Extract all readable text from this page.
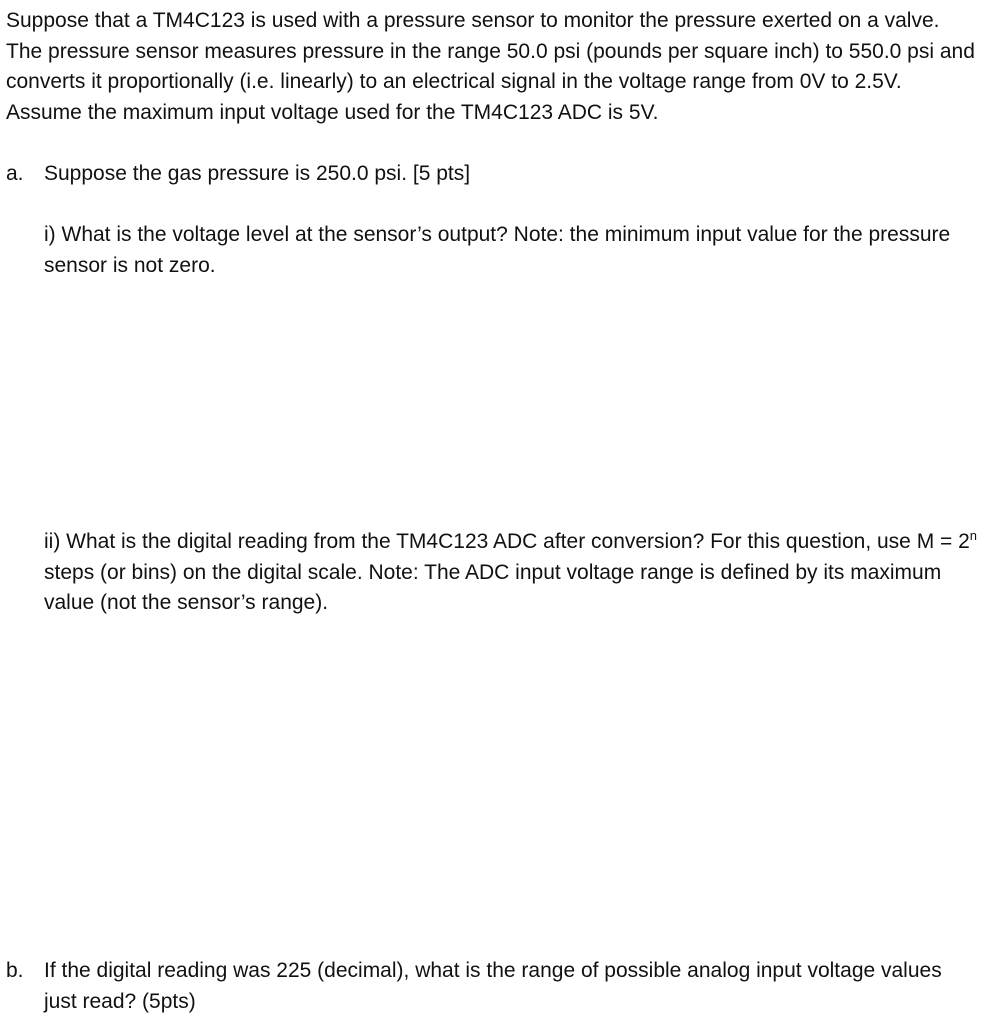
Suppose that a TM4C123 is used with a pressure sensor to monitor the pressure exerted on a valve. The pressure sensor measures pressure in the range 50.0 psi (pounds per square inch) to 550.0 psi and converts it proportionally (i.e. linearly) to an electrical signal in the voltage range from 0V to 2.5V. Assume the maximum input voltage used for the TM4C123 ADC is 5V.

a. Suppose the gas pressure is 250.0 psi. [5 pts]

i) What is the voltage level at the sensor’s output? Note: the minimum input value for the pressure sensor is not zero.

ii) What is the digital reading from the TM4C123 ADC after conversion? For this question, use $M = 2^n$ steps (or bins) on the digital scale. Note: The ADC input voltage range is defined by its maximum value (not the sensor’s range).

b. If the digital reading was 225 (decimal), what is the range of possible analog input voltage values just read? (5pts)
